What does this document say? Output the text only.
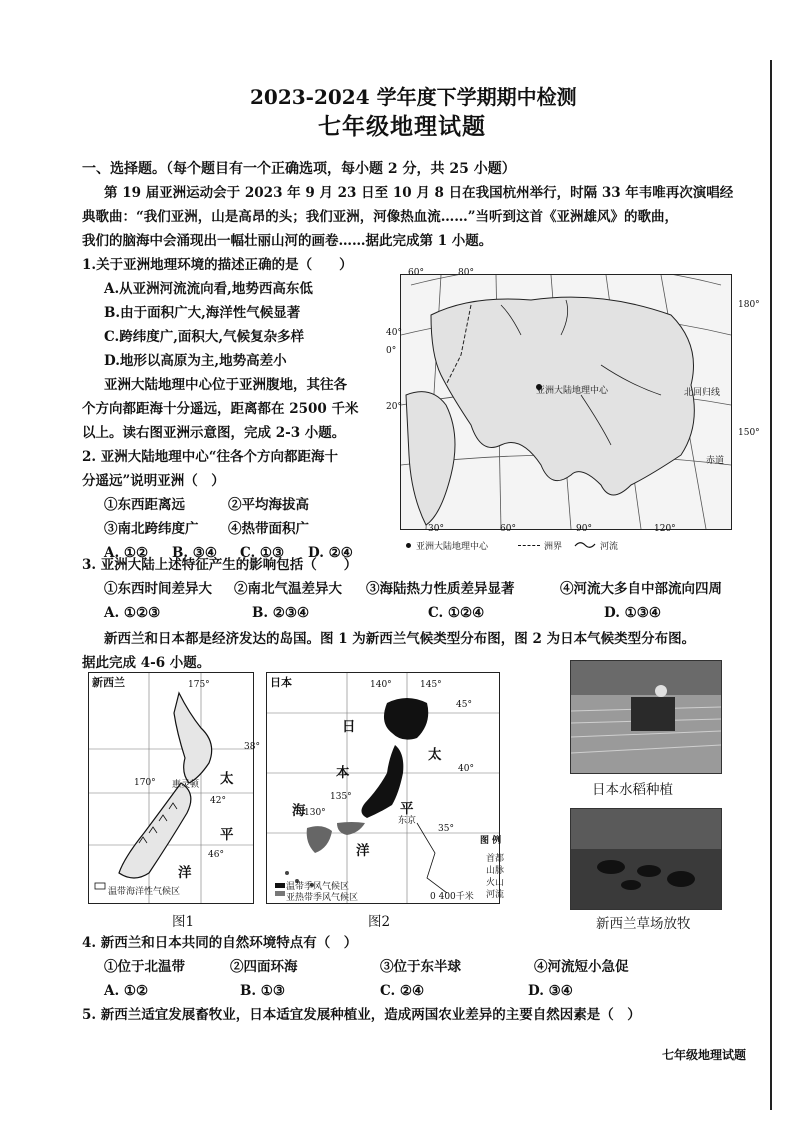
2023-2024 学年度下学期期中检测
七年级地理试题
一、选择题。（每个题目有一个正确选项，每小题 2 分，共 25 小题）
第 19 届亚洲运动会于 2023 年 9 月 23 日至 10 月 8 日在我国杭州举行，时隔 33 年韦唯再次演唱经
典歌曲：“我们亚洲，山是高昂的头；我们亚洲，河像热血流……”当听到这首《亚洲雄风》的歌曲，
我们的脑海中会涌现出一幅壮丽山河的画卷……据此完成第 1 小题。
1.关于亚洲地理环境的描述正确的是（　　）
A.从亚洲河流流向看,地势西高东低
B.由于面积广大,海洋性气候显著
C.跨纬度广,面积大,气候复杂多样
D.地形以高原为主,地势高差小
亚洲大陆地理中心位于亚洲腹地，其往各
个方向都距海十分遥远，距离都在 2500 千米
以上。读右图亚洲示意图，完成 2-3 小题。
2. 亚洲大陆地理中心“往各个方向都距海十
分遥远”说明亚洲（　）
①东西距离远	②平均海拔高
③南北跨纬度广 ④热带面积广
A. ①② B. ③④ C. ①③ D. ②④
60°	80°
40°
0°
20°
180°
150°
亚洲大陆地理中心	北回归线
赤道
30°	60°	90°	120°
亚洲大陆地理中心	洲界	河流
3. 亚洲大陆上述特征产生的影响包括（　　）
①东西时间差异大 ②南北气温差异大 ③海陆热力性质差异显著	④河流大多自中部流向四周
A. ①②③	B. ②③④	C. ①②④	D. ①③④
新西兰和日本都是经济发达的岛国。图 1 为新西兰气候类型分布图，图 2 为日本气候类型分布图。
据此完成 4-6 小题。
新西兰	175°
170°
38°
42°
46°
惠灵顿 太
平
洋
温带海洋性气候区
图1
日本	140°	145°
45°
40°
35°
130°
135°
东京
日
本
海
太
平
洋
温带季风气候区
亚热带季风气候区	0 400千米
图 例
首都
山脉
火山
河流
图2
日本水稻种植
新西兰草场放牧
4. 新西兰和日本共同的自然环境特点有（　）
①位于北温带	②四面环海	③位于东半球	④河流短小急促
A. ①②	B. ①③	C. ②④	D. ③④
5. 新西兰适宜发展畜牧业，日本适宜发展种植业，造成两国农业差异的主要自然因素是（　）
七年级地理试题
